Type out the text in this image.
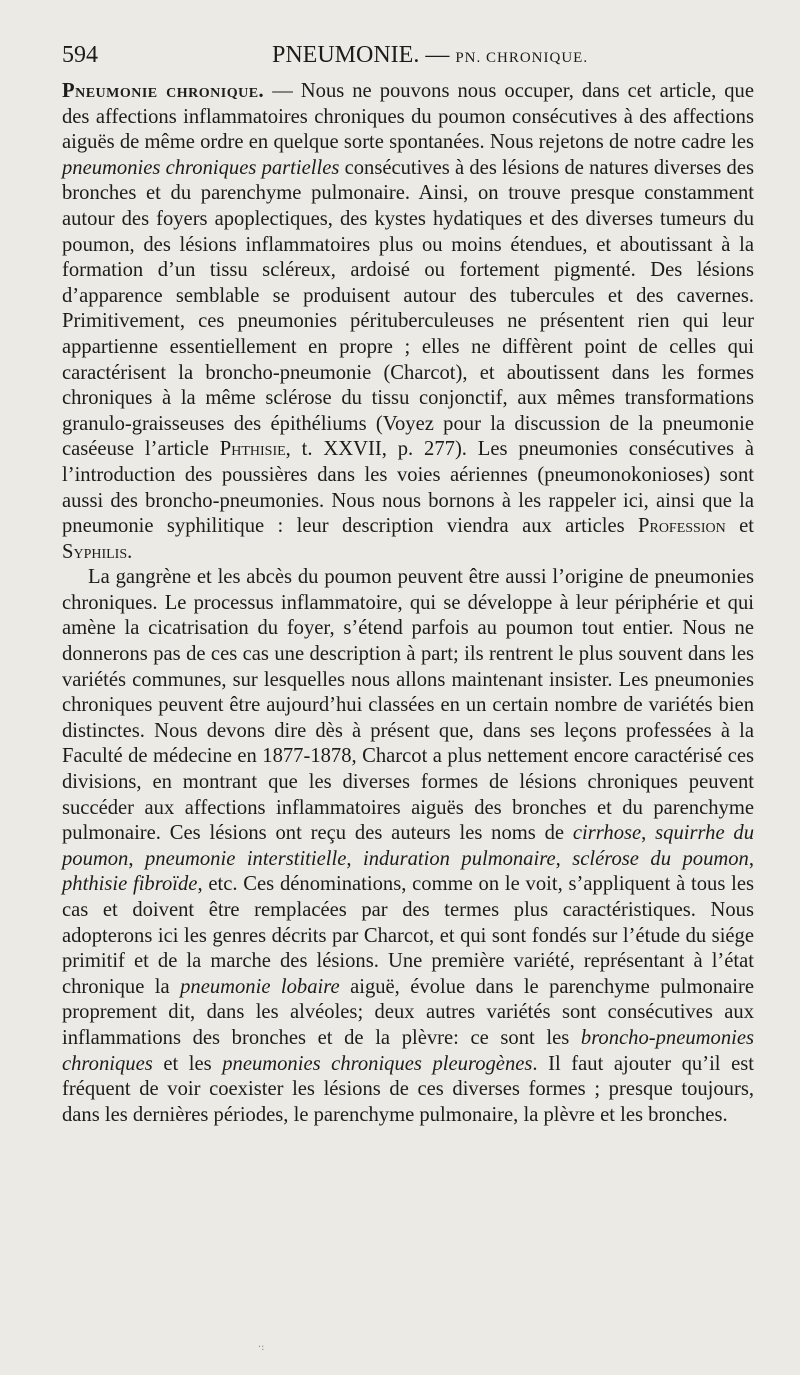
594	PNEUMONIE. — PN. CHRONIQUE.

Pneumonie chronique. — Nous ne pouvons nous occuper, dans cet article, que des affections inflammatoires chroniques du poumon consécutives à des affections aiguës de même ordre en quelque sorte spontanées. Nous rejetons de notre cadre les pneumonies chroniques partielles consécutives à des lésions de natures diverses des bronches et du parenchyme pulmonaire. Ainsi, on trouve presque constamment autour des foyers apoplectiques, des kystes hydatiques et des diverses tumeurs du poumon, des lésions inflammatoires plus ou moins étendues, et aboutissant à la formation d’un tissu scléreux, ardoisé ou fortement pigmenté. Des lésions d’apparence semblable se produisent autour des tubercules et des cavernes. Primitivement, ces pneumonies pérituberculeuses ne présentent rien qui leur appartienne essentiellement en propre ; elles ne diffèrent point de celles qui caractérisent la broncho-pneumonie (Charcot), et aboutissent dans les formes chroniques à la même sclérose du tissu conjonctif, aux mêmes transformations granulo-graisseuses des épithéliums (Voyez pour la discussion de la pneumonie caséeuse l’article Phthisie, t. XXVII, p. 277). Les pneumonies consécutives à l’introduction des poussières dans les voies aériennes (pneumonokonioses) sont aussi des broncho-pneumonies. Nous nous bornons à les rappeler ici, ainsi que la pneumonie syphilitique : leur description viendra aux articles Profession et Syphilis.

La gangrène et les abcès du poumon peuvent être aussi l’origine de pneumonies chroniques. Le processus inflammatoire, qui se développe à leur périphérie et qui amène la cicatrisation du foyer, s’étend parfois au poumon tout entier. Nous ne donnerons pas de ces cas une description à part; ils rentrent le plus souvent dans les variétés communes, sur lesquelles nous allons maintenant insister. Les pneumonies chroniques peuvent être aujourd’hui classées en un certain nombre de variétés bien distinctes. Nous devons dire dès à présent que, dans ses leçons professées à la Faculté de médecine en 1877-1878, Charcot a plus nettement encore caractérisé ces divisions, en montrant que les diverses formes de lésions chroniques peuvent succéder aux affections inflammatoires aiguës des bronches et du parenchyme pulmonaire. Ces lésions ont reçu des auteurs les noms de cirrhose, squirrhe du poumon, pneumonie interstitielle, induration pulmonaire, sclérose du poumon, phthisie fibroïde, etc. Ces dénominations, comme on le voit, s’appliquent à tous les cas et doivent être remplacées par des termes plus caractéristiques. Nous adopterons ici les genres décrits par Charcot, et qui sont fondés sur l’étude du siége primitif et de la marche des lésions. Une première variété, représentant à l’état chronique la pneumonie lobaire aiguë, évolue dans le parenchyme pulmonaire proprement dit, dans les alvéoles; deux autres variétés sont consécutives aux inflammations des bronches et de la plèvre: ce sont les broncho-pneumonies chroniques et les pneumonies chroniques pleurogènes. Il faut ajouter qu’il est fréquent de voir coexister les lésions de ces diverses formes ; presque toujours, dans les dernières périodes, le parenchyme pulmonaire, la plèvre et les bronches.

·:
